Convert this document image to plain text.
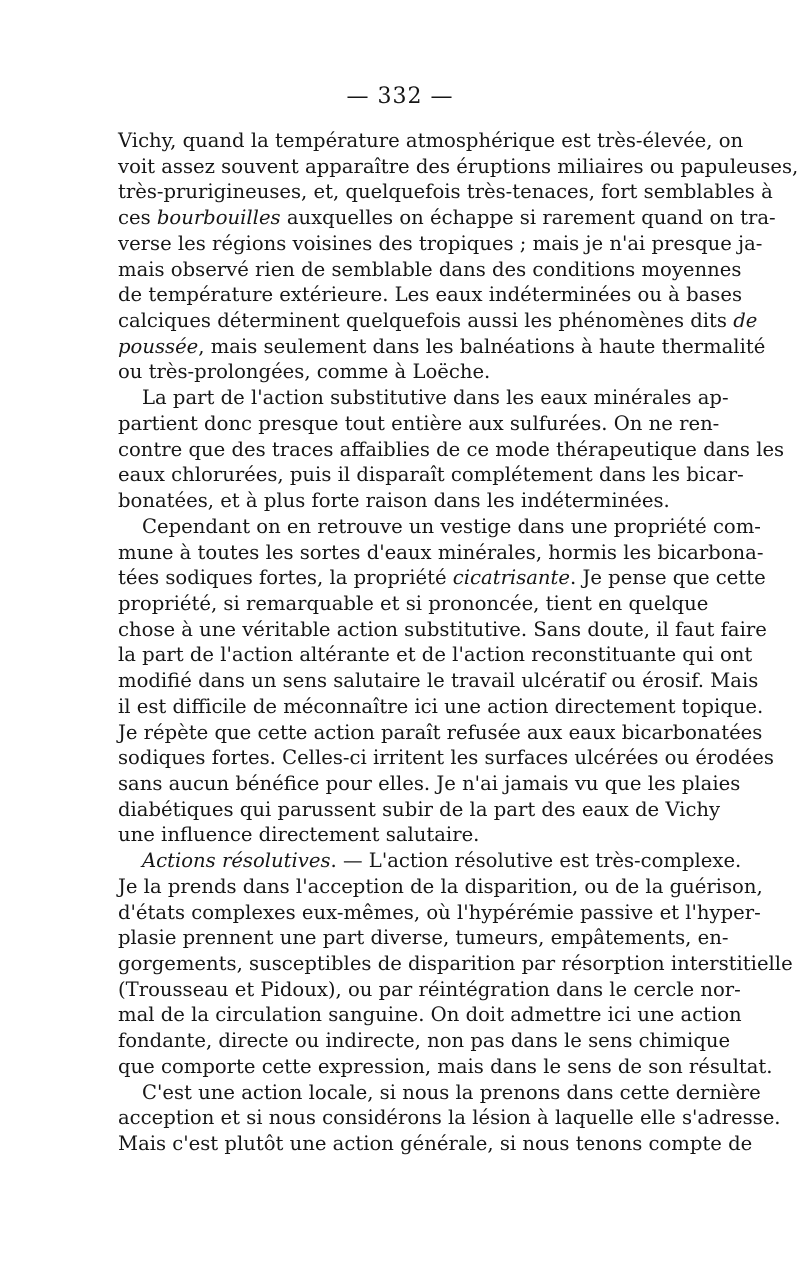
— 332 —
Vichy, quand la température atmosphérique est très-élevée, on
voit assez souvent apparaître des éruptions miliaires ou papuleuses,
très-prurigineuses, et, quelquefois très-tenaces, fort semblables à
ces bourbouilles auxquelles on échappe si rarement quand on tra-
verse les régions voisines des tropiques ; mais je n'ai presque ja-
mais observé rien de semblable dans des conditions moyennes
de température extérieure. Les eaux indéterminées ou à bases
calciques déterminent quelquefois aussi les phénomènes dits de
poussée, mais seulement dans les balnéations à haute thermalité
ou très-prolongées, comme à Loëche.
La part de l'action substitutive dans les eaux minérales ap-
partient donc presque tout entière aux sulfurées. On ne ren-
contre que des traces affaiblies de ce mode thérapeutique dans les
eaux chlorurées, puis il disparaît complétement dans les bicar-
bonatées, et à plus forte raison dans les indéterminées.
Cependant on en retrouve un vestige dans une propriété com-
mune à toutes les sortes d'eaux minérales, hormis les bicarbona-
tées sodiques fortes, la propriété cicatrisante. Je pense que cette
propriété, si remarquable et si prononcée, tient en quelque
chose à une véritable action substitutive. Sans doute, il faut faire
la part de l'action altérante et de l'action reconstituante qui ont
modifié dans un sens salutaire le travail ulcératif ou érosif. Mais
il est difficile de méconnaître ici une action directement topique.
Je répète que cette action paraît refusée aux eaux bicarbonatées
sodiques fortes. Celles-ci irritent les surfaces ulcérées ou érodées
sans aucun bénéfice pour elles. Je n'ai jamais vu que les plaies
diabétiques qui parussent subir de la part des eaux de Vichy
une influence directement salutaire.
Actions résolutives. — L'action résolutive est très-complexe.
Je la prends dans l'acception de la disparition, ou de la guérison,
d'états complexes eux-mêmes, où l'hypérémie passive et l'hyper-
plasie prennent une part diverse, tumeurs, empâtements, en-
gorgements, susceptibles de disparition par résorption interstitielle
(Trousseau et Pidoux), ou par réintégration dans le cercle nor-
mal de la circulation sanguine. On doit admettre ici une action
fondante, directe ou indirecte, non pas dans le sens chimique
que comporte cette expression, mais dans le sens de son résultat.
C'est une action locale, si nous la prenons dans cette dernière
acception et si nous considérons la lésion à laquelle elle s'adresse.
Mais c'est plutôt une action générale, si nous tenons compte de
